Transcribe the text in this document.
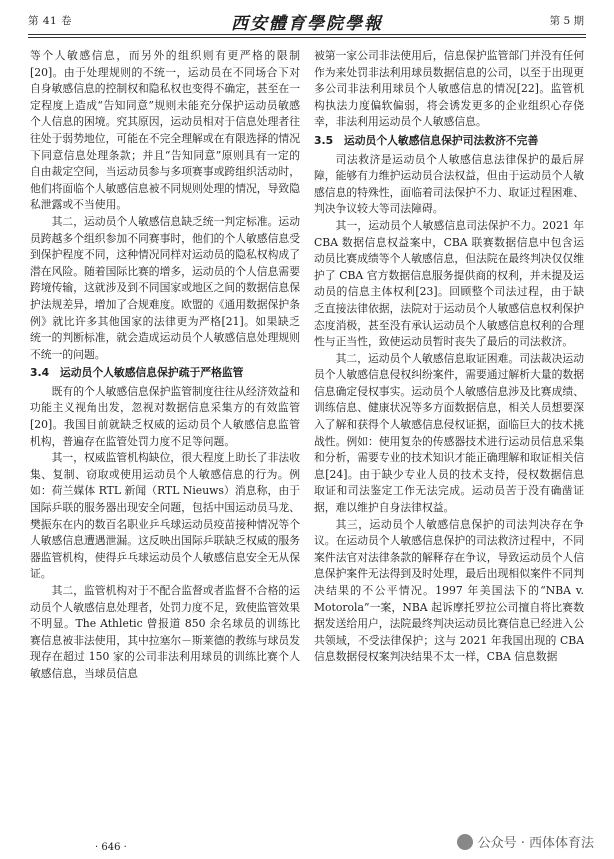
第 41 卷	西安體育學院學報	第 5 期

等个人敏感信息，而另外的组织则有更严格的限制[20]。由于处理规则的不统一，运动员在不同场合下对自身敏感信息的控制权和隐私权也变得不确定，甚至在一定程度上造成“告知同意”规则未能充分保护运动员敏感个人信息的困境。究其原因，运动员相对于信息处理者往往处于弱势地位，可能在不完全理解或在有限选择的情况下同意信息处理条款；并且“告知同意”原则具有一定的自由裁定空间，当运动员参与多项赛事或跨组织活动时，他们将面临个人敏感信息被不同规则处理的情况，导致隐私泄露或不当使用。

其二，运动员个人敏感信息缺乏统一判定标准。运动员跨越多个组织参加不同赛事时，他们的个人敏感信息受到保护程度不同，这种情况同样对运动员的隐私权构成了潜在风险。随着国际比赛的增多，运动员的个人信息需要跨境传输，这就涉及到不同国家或地区之间的数据信息保护法规差异，增加了合规难度。欧盟的《通用数据保护条例》就比许多其他国家的法律更为严格[21]。如果缺乏统一的判断标准，就会造成运动员个人敏感信息处理规则不统一的问题。

3.4　运动员个人敏感信息保护疏于严格监管

既有的个人敏感信息保护监管制度往往从经济效益和功能主义视角出发，忽视对数据信息采集方的有效监管[20]。我国目前就缺乏权威的运动员个人敏感信息监管机构，普遍存在监管处罚力度不足等问题。

其一，权威监管机构缺位，很大程度上助长了非法收集、复制、窃取或使用运动员个人敏感信息的行为。例如：荷兰媒体 RTL 新闻（RTL Nieuws）消息称，由于国际乒联的服务器出现安全问题，包括中国运动员马龙、樊振东在内的数百名职业乒乓球运动员疫苗接种情况等个人敏感信息遭遇泄漏。这反映出国际乒联缺乏权威的服务器监管机构，使得乒乓球运动员个人敏感信息安全无从保证。

其二，监管机构对于不配合监督或者监督不合格的运动员个人敏感信息处理者，处罚力度不足，致使监管效果不明显。The Athletic 曾报道 850 余名球员的训练比赛信息被非法使用，其中拉塞尔－斯莱德的教练与球员发现存在超过 150 家的公司非法利用球员的训练比赛个人敏感信息，当球员信息

被第一家公司非法使用后，信息保护监管部门并没有任何作为来处罚非法利用球员数据信息的公司，以至于出现更多公司非法利用球员个人敏感信息的情况[22]。监管机构执法力度偏软偏弱，将会诱发更多的企业组织心存侥幸，非法利用运动员个人敏感信息。

3.5　运动员个人敏感信息保护司法救济不完善

司法救济是运动员个人敏感信息法律保护的最后屏障，能够有力维护运动员合法权益，但由于运动员个人敏感信息的特殊性，面临着司法保护不力、取证过程困难、判决争议较大等司法障碍。

其一，运动员个人敏感信息司法保护不力。2021 年 CBA 数据信息权益案中，CBA 联赛数据信息中包含运动员比赛成绩等个人敏感信息，但法院在最终判决仅仅维护了 CBA 官方数据信息服务提供商的权利，并未提及运动员的信息主体权利[23]。回顾整个司法过程，由于缺乏直接法律依据，法院对于运动员个人敏感信息权利保护态度消极，甚至没有承认运动员个人敏感信息权利的合理性与正当性，致使运动员暂时丧失了最后的司法救济。

其二，运动员个人敏感信息取证困难。司法裁决运动员个人敏感信息侵权纠纷案件，需要通过解析大量的数据信息确定侵权事实。运动员个人敏感信息涉及比赛成绩、训练信息、健康状况等多方面数据信息，相关人员想要深入了解和获得个人敏感信息侵权证据，面临巨大的技术挑战性。例如：使用复杂的传感器技术进行运动员信息采集和分析，需要专业的技术知识才能正确理解和取证相关信息[24]。由于缺少专业人员的技术支持，侵权数据信息取证和司法鉴定工作无法完成。运动员苦于没有确凿证据，难以维护自身法律权益。

其三，运动员个人敏感信息保护的司法判决存在争议。在运动员个人敏感信息保护的司法救济过程中，不同案件法官对法律条款的解释存在争议，导致运动员个人信息保护案件无法得到及时处理，最后出现相似案件不同判决结果的不公平情况。1997 年美国法下的“NBA v. Motorola”一案，NBA 起诉摩托罗拉公司擅自将比赛数据发送给用户，法院最终判决运动员比赛信息已经进入公共领域，不受法律保护；这与 2021 年我国出现的 CBA 信息数据侵权案判决结果不太一样，CBA 信息数据

· 646 ·	公众号 · 西体体育法
